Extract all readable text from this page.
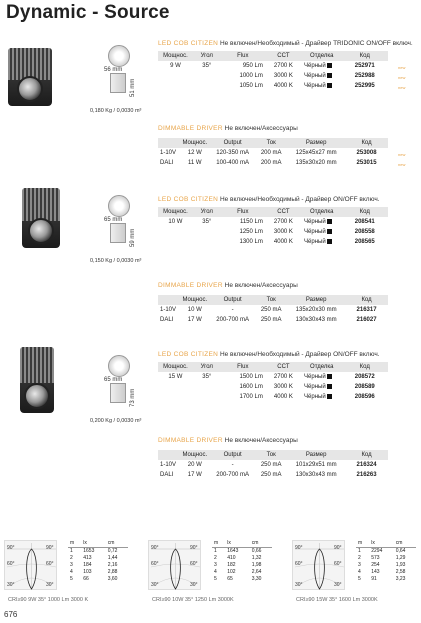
Dynamic - Source
56 mm
51 mm
0,180 Kg / 0,0030 m³
LED COB CITIZEN Не включен/Необходимый - Драйвер TRIDONIC ON/OFF включ.
Мощнос.	Угол	Flux	CCT	Отделка	Код
9 W	35°	950 Lm	2700 K	Чёрный	252971
		1000 Lm	3000 K	Чёрный	252988
		1050 Lm	4000 K	Чёрный	252995
new
new
new
DIMMABLE DRIVER Не включен/Аксессуары
	Мощнос.	Output	Ток	Размер	Код
1-10V	12 W	120-350 mA	200 mA	125x45x27 mm	253008
DALI	11 W	100-400 mA	200 mA	135x30x20 mm	253015
new
new
65 mm
59 mm
0,150 Kg / 0,0030 m³
LED COB CITIZEN Не включен/Необходимый - Драйвер ON/OFF включ.
Мощнос.	Угол	Flux	CCT	Отделка	Код
10 W	35°	1150 Lm	2700 K	Чёрный	208541
		1250 Lm	3000 K	Чёрный	208558
		1300 Lm	4000 K	Чёрный	208565
DIMMABLE DRIVER Не включен/Аксессуары
	Мощнос.	Output	Ток	Размер	Код
1-10V	10 W	-	250 mA	135x20x30 mm	216317
DALI	17 W	200-700 mA	250 mA	130x30x43 mm	216027
65 mm
73 mm
0,200 Kg / 0,0030 m³
LED COB CITIZEN Не включен/Необходимый - Драйвер ON/OFF включ.
Мощнос.	Угол	Flux	CCT	Отделка	Код
15 W	35°	1500 Lm	2700 K	Чёрный	208572
		1600 Lm	3000 K	Чёрный	208589
		1700 Lm	4000 K	Чёрный	208596
DIMMABLE DRIVER Не включен/Аксессуары
	Мощнос.	Output	Ток	Размер	Код
1-10V	20 W	-	250 mA	101x29x51 mm	216324
DALI	17 W	200-700 mA	250 mA	130x30x43 mm	216263
90°	90°
60°	60°
30°	30°
m	lx	cm
1	1653	0,72
2	413	1,44
3	184	2,16
4	103	2,88
5	66	3,60
CRI≥90 9W 35° 1000 Lm 3000 K
90°	90°
60°	60°
30°	30°
m	lx	cm
1	1643	0,66
2	410	1,32
3	182	1,98
4	102	2,64
5	65	3,30
CRI≥90 10W 35° 1250 Lm 3000K
90°	90°
60°	60°
30°	30°
m	lx	cm
1	2294	0,64
2	573	1,29
3	254	1,93
4	143	2,58
5	91	3,23
CRI≥90 15W 35° 1600 Lm 3000K
676
